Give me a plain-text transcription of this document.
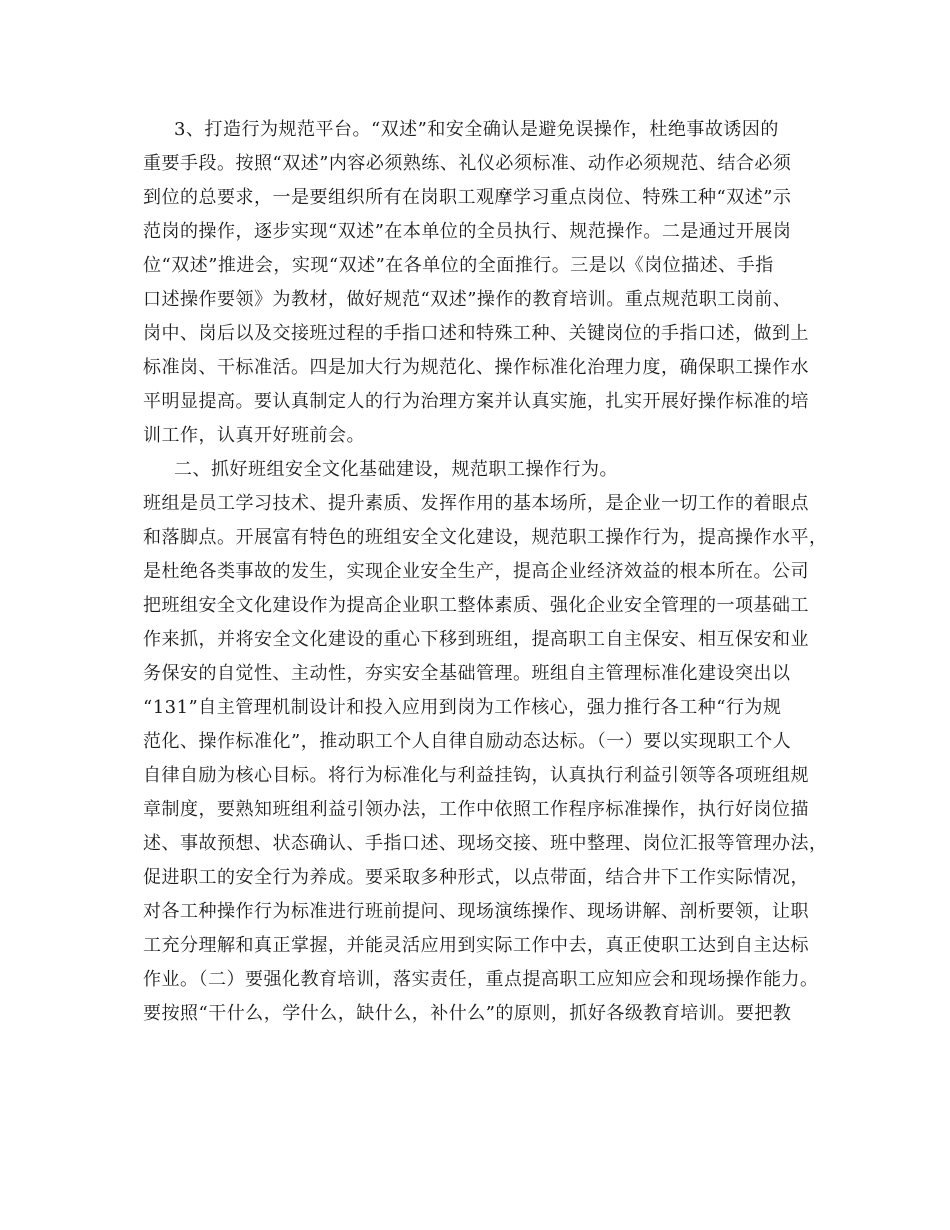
3、打造行为规范平台。“双述”和安全确认是避免误操作，杜绝事故诱因的
重要手段。按照“双述”内容必须熟练、礼仪必须标准、动作必须规范、结合必须
到位的总要求，一是要组织所有在岗职工观摩学习重点岗位、特殊工种“双述”示
范岗的操作，逐步实现“双述”在本单位的全员执行、规范操作。二是通过开展岗
位“双述”推进会，实现“双述”在各单位的全面推行。三是以《岗位描述、手指
口述操作要领》为教材，做好规范“双述”操作的教育培训。重点规范职工岗前、
岗中、岗后以及交接班过程的手指口述和特殊工种、关键岗位的手指口述，做到上
标准岗、干标准活。四是加大行为规范化、操作标准化治理力度，确保职工操作水
平明显提高。要认真制定人的行为治理方案并认真实施，扎实开展好操作标准的培
训工作，认真开好班前会。
二、抓好班组安全文化基础建设，规范职工操作行为。
班组是员工学习技术、提升素质、发挥作用的基本场所，是企业一切工作的着眼点
和落脚点。开展富有特色的班组安全文化建设，规范职工操作行为，提高操作水平，
是杜绝各类事故的发生，实现企业安全生产，提高企业经济效益的根本所在。公司
把班组安全文化建设作为提高企业职工整体素质、强化企业安全管理的一项基础工
作来抓，并将安全文化建设的重心下移到班组，提高职工自主保安、相互保安和业
务保安的自觉性、主动性，夯实安全基础管理。班组自主管理标准化建设突出以
“131”自主管理机制设计和投入应用到岗为工作核心，强力推行各工种“行为规
范化、操作标准化”，推动职工个人自律自励动态达标。（一）要以实现职工个人
自律自励为核心目标。将行为标准化与利益挂钩，认真执行利益引领等各项班组规
章制度，要熟知班组利益引领办法，工作中依照工作程序标准操作，执行好岗位描
述、事故预想、状态确认、手指口述、现场交接、班中整理、岗位汇报等管理办法，
促进职工的安全行为养成。要采取多种形式，以点带面，结合井下工作实际情况，
对各工种操作行为标准进行班前提问、现场演练操作、现场讲解、剖析要领，让职
工充分理解和真正掌握，并能灵活应用到实际工作中去，真正使职工达到自主达标
作业。（二）要强化教育培训，落实责任，重点提高职工应知应会和现场操作能力。
要按照“干什么，学什么，缺什么，补什么”的原则，抓好各级教育培训。要把教
